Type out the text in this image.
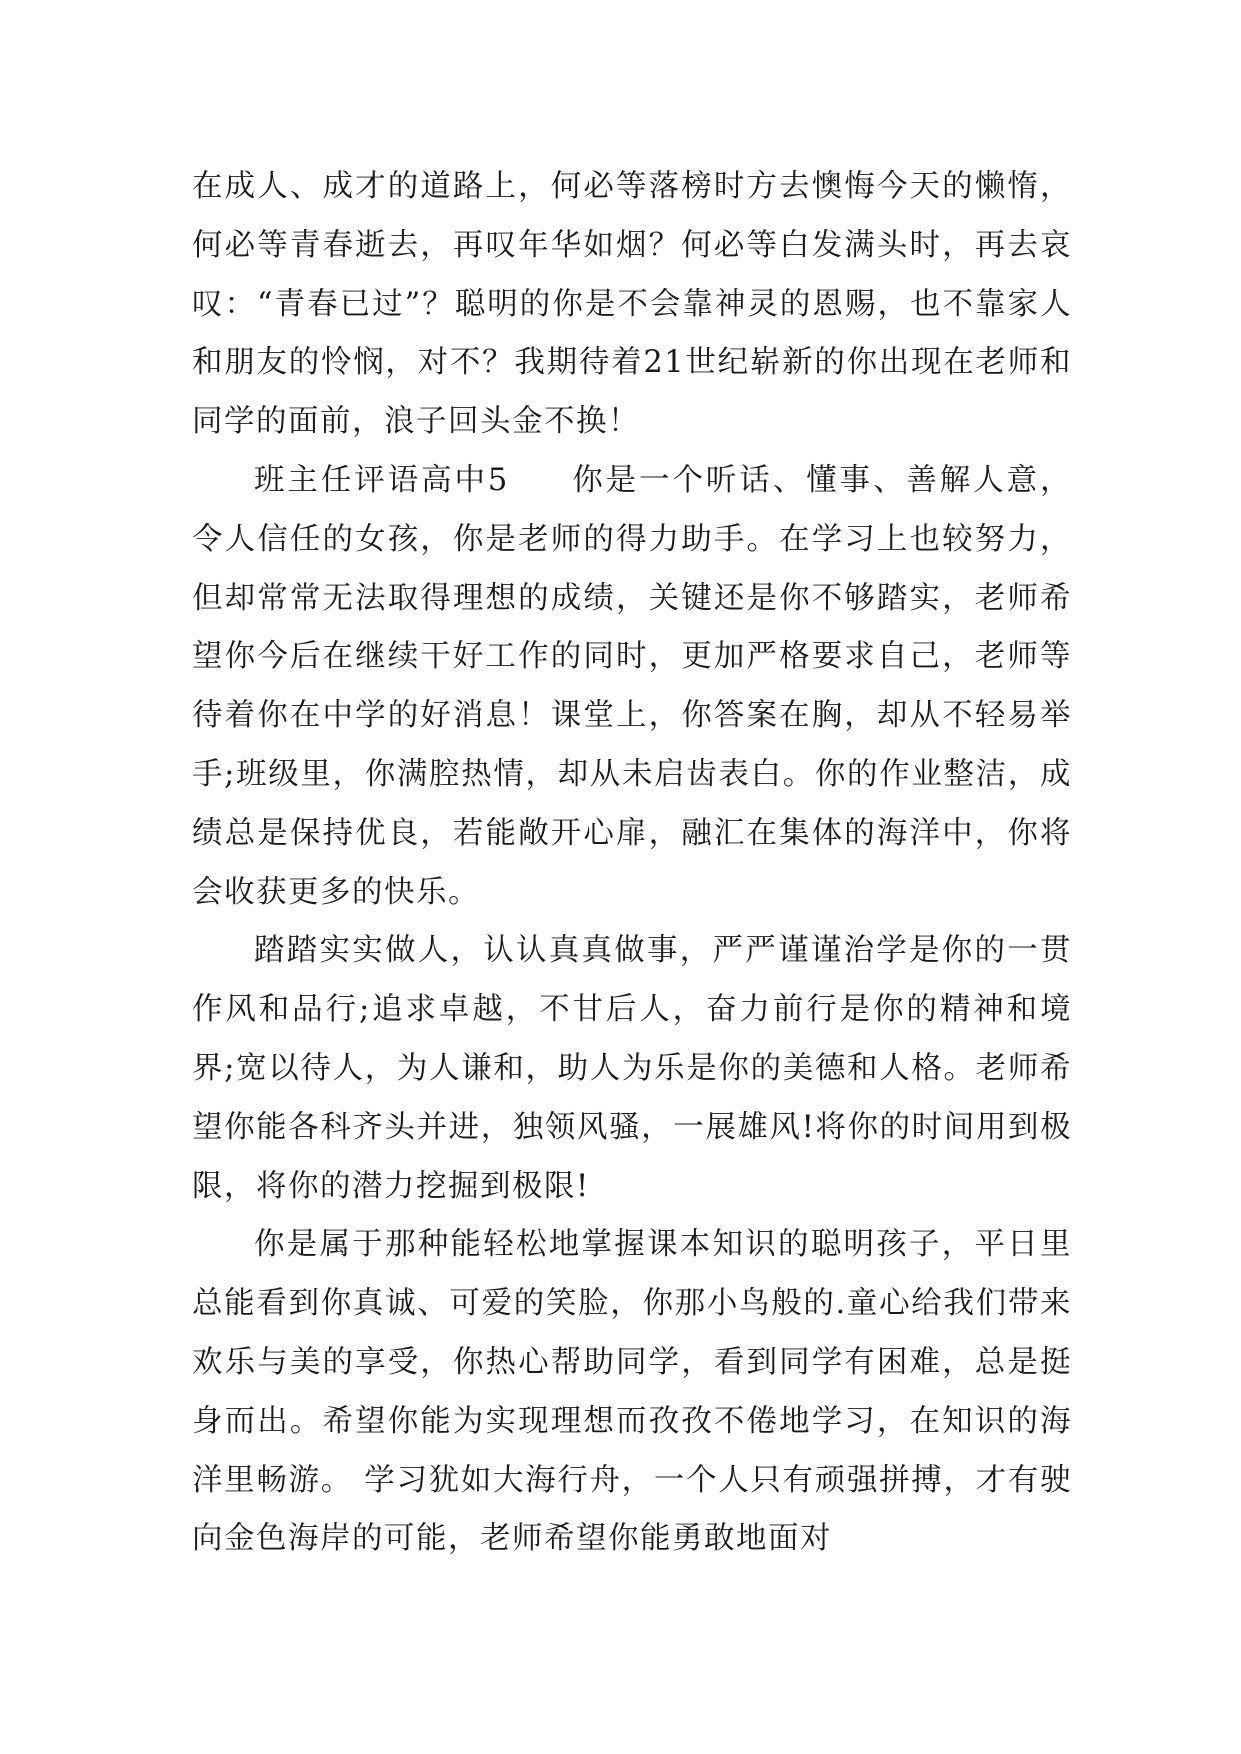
在成人、成才的道路上，何必等落榜时方去懊悔今天的懒惰，何必等青春逝去，再叹年华如烟？何必等白发满头时，再去哀叹：“青春已过”？聪明的你是不会靠神灵的恩赐，也不靠家人和朋友的怜悯，对不？我期待着21世纪崭新的你出现在老师和同学的面前，浪子回头金不换！

班主任评语高中5 你是一个听话、懂事、善解人意，令人信任的女孩，你是老师的得力助手。在学习上也较努力，但却常常无法取得理想的成绩，关键还是你不够踏实，老师希望你今后在继续干好工作的同时，更加严格要求自己，老师等待着你在中学的好消息！课堂上，你答案在胸，却从不轻易举手;班级里，你满腔热情，却从未启齿表白。你的作业整洁，成绩总是保持优良，若能敞开心扉，融汇在集体的海洋中，你将会收获更多的快乐。

踏踏实实做人，认认真真做事，严严谨谨治学是你的一贯作风和品行;追求卓越，不甘后人，奋力前行是你的精神和境界;宽以待人，为人谦和，助人为乐是你的美德和人格。老师希望你能各科齐头并进，独领风骚，一展雄风!将你的时间用到极限，将你的潜力挖掘到极限!

你是属于那种能轻松地掌握课本知识的聪明孩子，平日里总能看到你真诚、可爱的笑脸，你那小鸟般的.童心给我们带来欢乐与美的享受，你热心帮助同学，看到同学有困难，总是挺身而出。希望你能为实现理想而孜孜不倦地学习，在知识的海洋里畅游。 学习犹如大海行舟，一个人只有顽强拼搏，才有驶向金色海岸的可能，老师希望你能勇敢地面对
